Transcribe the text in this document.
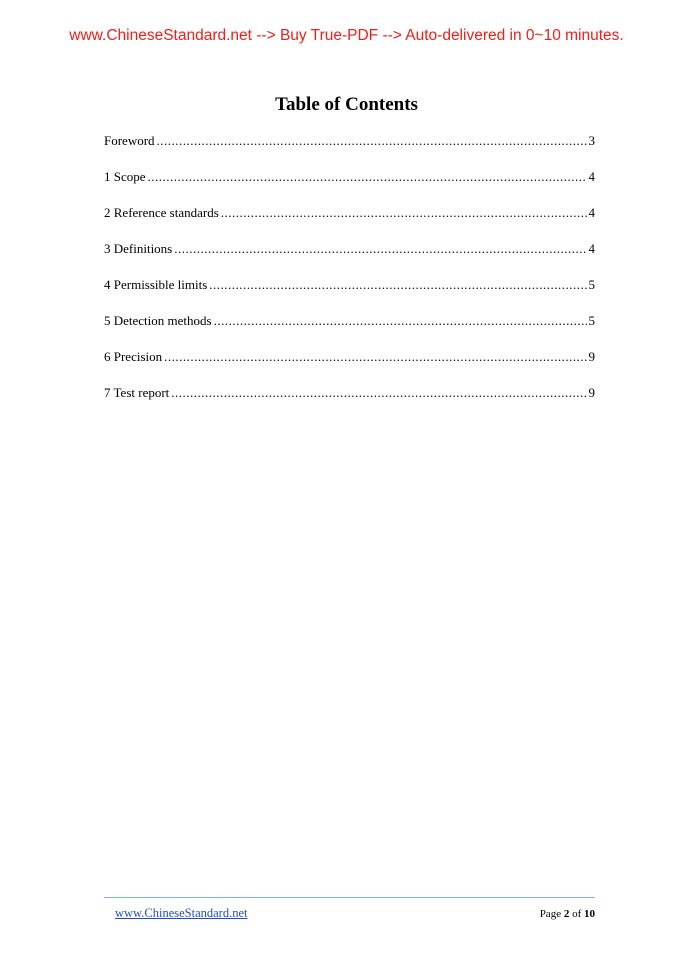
www.ChineseStandard.net --> Buy True-PDF --> Auto-delivered in 0~10 minutes.
Table of Contents
Foreword .....	3
1 Scope .....	4
2 Reference standards .....	4
3 Definitions .....	4
4 Permissible limits .....	5
5 Detection methods .....	5
6 Precision .....	9
7 Test report .....	9
www.ChineseStandard.net	Page 2 of 10
